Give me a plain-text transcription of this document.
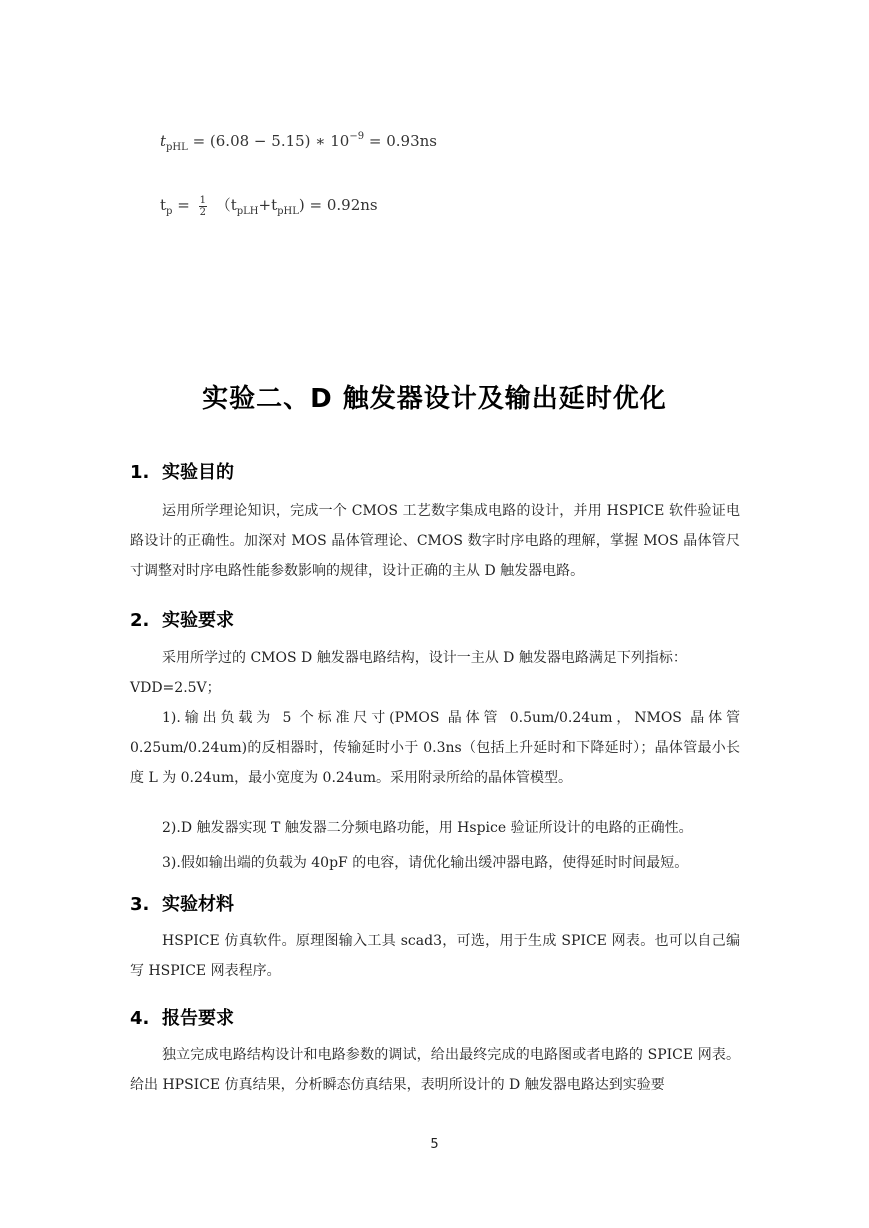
$t_{pHL} = (6.08 - 5.15)$ ∗ $10^{-9} = 0.93ns$
$t_p = \frac{1}{2} (t_{pLH}+t_{pHL}) = 0.92ns$
实验二、D 触发器设计及输出延时优化
1. 实验目的
运用所学理论知识，完成一个 CMOS 工艺数字集成电路的设计，并用 HSPICE 软件验证电路设计的正确性。加深对 MOS 晶体管理论、CMOS 数字时序电路的理解，掌握 MOS 晶体管尺寸调整对时序电路性能参数影响的规律，设计正确的主从 D 触发器电路。
2. 实验要求
采用所学过的 CMOS D 触发器电路结构，设计一主从 D 触发器电路满足下列指标：
VDD=2.5V；
1).输出负载为 5 个标准尺寸(PMOS 晶体管 0.5um/0.24um，NMOS 晶体管 0.25um/0.24um)的反相器时，传输延时小于 0.3ns（包括上升延时和下降延时）；晶体管最小长度 L 为 0.24um，最小宽度为 0.24um。采用附录所给的晶体管模型。
2).D 触发器实现 T 触发器二分频电路功能，用 Hspice 验证所设计的电路的正确性。
3).假如输出端的负载为 40pF 的电容，请优化输出缓冲器电路，使得延时时间最短。
3. 实验材料
HSPICE 仿真软件。原理图输入工具 scad3，可选，用于生成 SPICE 网表。也可以自己编写 HSPICE 网表程序。
4. 报告要求
独立完成电路结构设计和电路参数的调试，给出最终完成的电路图或者电路的 SPICE 网表。给出 HPSICE 仿真结果，分析瞬态仿真结果，表明所设计的 D 触发器电路达到实验要
5
